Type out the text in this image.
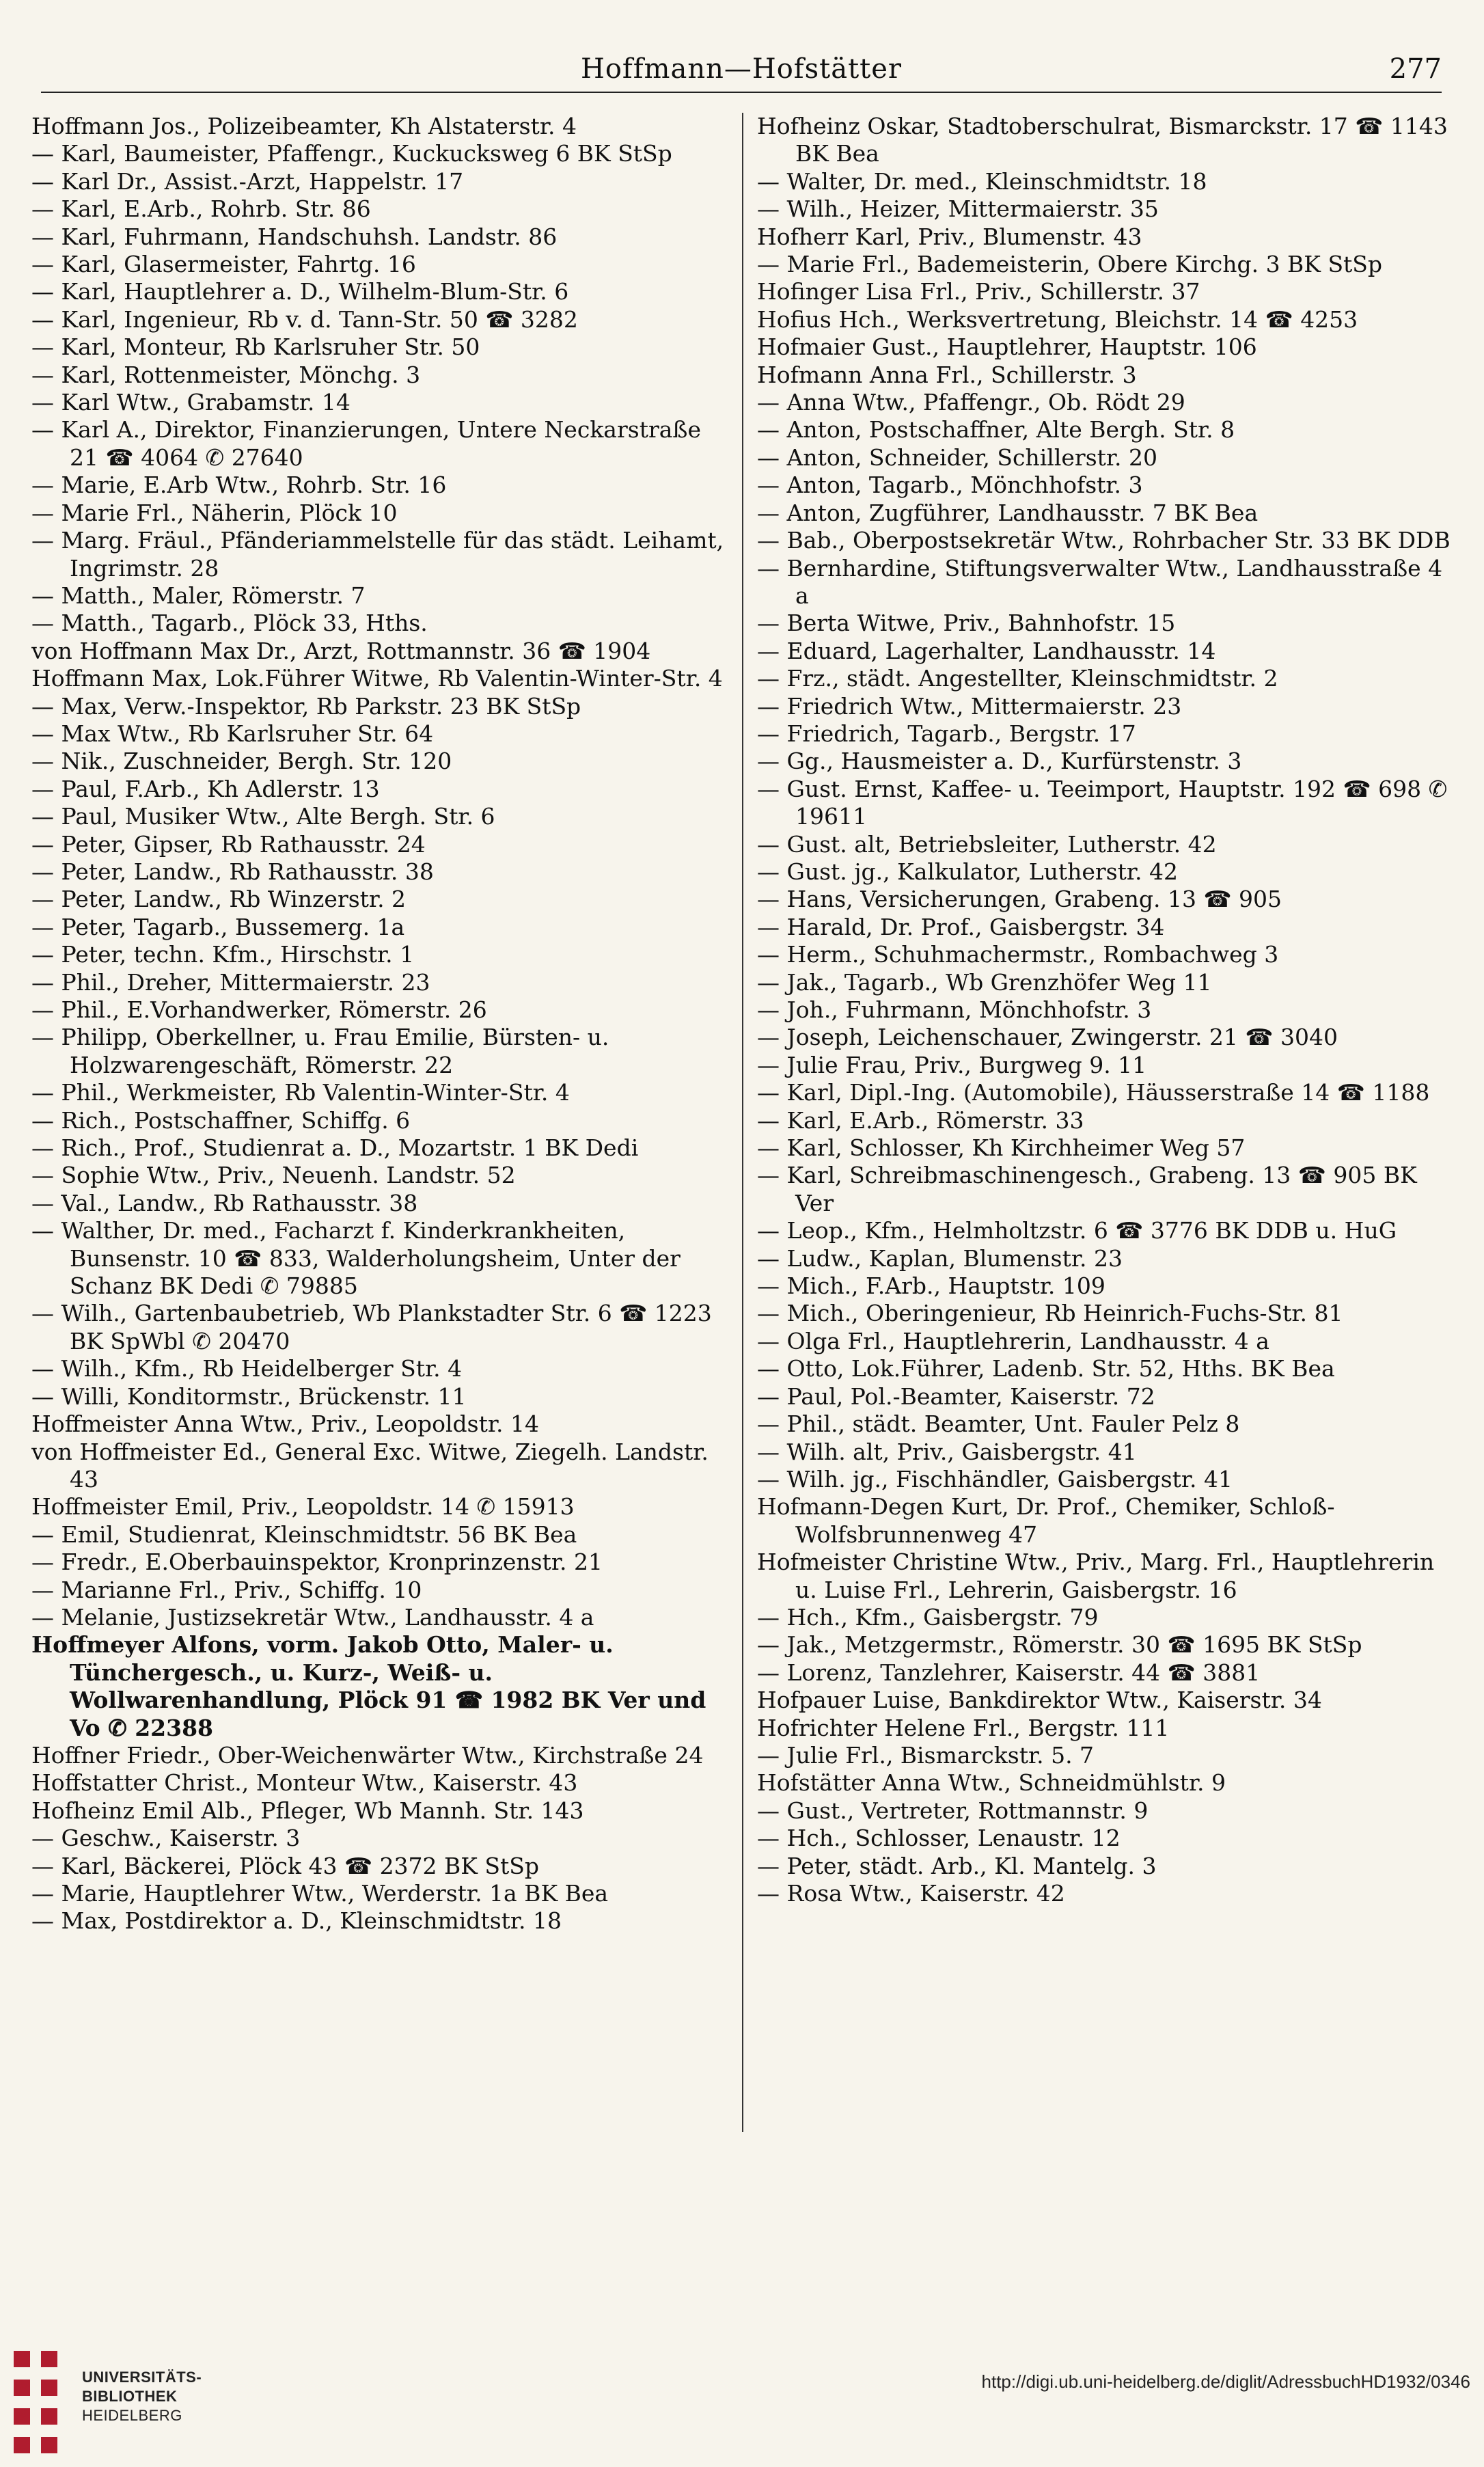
Hoffmann—Hofstätter	277
Hoffmann Jos., Polizeibeamter, Kh Alstaterstr. 4
— Karl, Baumeister, Pfaffengr., Kuckucksweg 6 BK StSp
— Karl Dr., Assist.-Arzt, Happelstr. 17
— Karl, E.Arb., Rohrb. Str. 86
— Karl, Fuhrmann, Handschuhsh. Landstr. 86
— Karl, Glasermeister, Fahrtg. 16
— Karl, Hauptlehrer a. D., Wilhelm-Blum-Str. 6
— Karl, Ingenieur, Rb v. d. Tann-Str. 50 ☎ 3282
— Karl, Monteur, Rb Karlsruher Str. 50
— Karl, Rottenmeister, Mönchg. 3
— Karl Wtw., Grabamstr. 14
— Karl A., Direktor, Finanzierungen, Untere Neckarstraße 21 ☎ 4064 ✆ 27640
— Marie, E.Arb Wtw., Rohrb. Str. 16
— Marie Frl., Näherin, Plöck 10
— Marg. Fräul., Pfänderiammelstelle für das städt. Leihamt, Ingrimstr. 28
— Matth., Maler, Römerstr. 7
— Matth., Tagarb., Plöck 33, Hths.
von Hoffmann Max Dr., Arzt, Rottmannstr. 36 ☎ 1904
Hoffmann Max, Lok.Führer Witwe, Rb Valentin-Winter-Str. 4
— Max, Verw.-Inspektor, Rb Parkstr. 23 BK StSp
— Max Wtw., Rb Karlsruher Str. 64
— Nik., Zuschneider, Bergh. Str. 120
— Paul, F.Arb., Kh Adlerstr. 13
— Paul, Musiker Wtw., Alte Bergh. Str. 6
— Peter, Gipser, Rb Rathausstr. 24
— Peter, Landw., Rb Rathausstr. 38
— Peter, Landw., Rb Winzerstr. 2
— Peter, Tagarb., Bussemerg. 1a
— Peter, techn. Kfm., Hirschstr. 1
— Phil., Dreher, Mittermaierstr. 23
— Phil., E.Vorhandwerker, Römerstr. 26
— Philipp, Oberkellner, u. Frau Emilie, Bürsten- u. Holzwarengeschäft, Römerstr. 22
— Phil., Werkmeister, Rb Valentin-Winter-Str. 4
— Rich., Postschaffner, Schiffg. 6
— Rich., Prof., Studienrat a. D., Mozartstr. 1 BK Dedi
— Sophie Wtw., Priv., Neuenh. Landstr. 52
— Val., Landw., Rb Rathausstr. 38
— Walther, Dr. med., Facharzt f. Kinderkrankheiten, Bunsenstr. 10 ☎ 833, Walderholungsheim, Unter der Schanz BK Dedi ✆ 79885
— Wilh., Gartenbaubetrieb, Wb Plankstadter Str. 6 ☎ 1223 BK SpWbl ✆ 20470
— Wilh., Kfm., Rb Heidelberger Str. 4
— Willi, Konditormstr., Brückenstr. 11
Hoffmeister Anna Wtw., Priv., Leopoldstr. 14
von Hoffmeister Ed., General Exc. Witwe, Ziegelh. Landstr. 43
Hoffmeister Emil, Priv., Leopoldstr. 14 ✆ 15913
— Emil, Studienrat, Kleinschmidtstr. 56 BK Bea
— Fredr., E.Oberbauinspektor, Kronprinzenstr. 21
— Marianne Frl., Priv., Schiffg. 10
— Melanie, Justizsekretär Wtw., Landhausstr. 4 a
Hoffmeyer Alfons, vorm. Jakob Otto, Maler- u. Tünchergesch., u. Kurz-, Weiß- u. Wollwarenhandlung, Plöck 91 ☎ 1982 BK Ver und Vo ✆ 22388
Hoffner Friedr., Ober-Weichenwärter Wtw., Kirchstraße 24
Hoffstatter Christ., Monteur Wtw., Kaiserstr. 43
Hofheinz Emil Alb., Pfleger, Wb Mannh. Str. 143
— Geschw., Kaiserstr. 3
— Karl, Bäckerei, Plöck 43 ☎ 2372 BK StSp
— Marie, Hauptlehrer Wtw., Werderstr. 1a BK Bea
— Max, Postdirektor a. D., Kleinschmidtstr. 18
Hofheinz Oskar, Stadtoberschulrat, Bismarckstr. 17 ☎ 1143 BK Bea
— Walter, Dr. med., Kleinschmidtstr. 18
— Wilh., Heizer, Mittermaierstr. 35
Hofherr Karl, Priv., Blumenstr. 43
— Marie Frl., Bademeisterin, Obere Kirchg. 3 BK StSp
Hofinger Lisa Frl., Priv., Schillerstr. 37
Hofius Hch., Werksvertretung, Bleichstr. 14 ☎ 4253
Hofmaier Gust., Hauptlehrer, Hauptstr. 106
Hofmann Anna Frl., Schillerstr. 3
— Anna Wtw., Pfaffengr., Ob. Rödt 29
— Anton, Postschaffner, Alte Bergh. Str. 8
— Anton, Schneider, Schillerstr. 20
— Anton, Tagarb., Mönchhofstr. 3
— Anton, Zugführer, Landhausstr. 7 BK Bea
— Bab., Oberpostsekretär Wtw., Rohrbacher Str. 33 BK DDB
— Bernhardine, Stiftungsverwalter Wtw., Landhausstraße 4 a
— Berta Witwe, Priv., Bahnhofstr. 15
— Eduard, Lagerhalter, Landhausstr. 14
— Frz., städt. Angestellter, Kleinschmidtstr. 2
— Friedrich Wtw., Mittermaierstr. 23
— Friedrich, Tagarb., Bergstr. 17
— Gg., Hausmeister a. D., Kurfürstenstr. 3
— Gust. Ernst, Kaffee- u. Teeimport, Hauptstr. 192 ☎ 698 ✆ 19611
— Gust. alt, Betriebsleiter, Lutherstr. 42
— Gust. jg., Kalkulator, Lutherstr. 42
— Hans, Versicherungen, Grabeng. 13 ☎ 905
— Harald, Dr. Prof., Gaisbergstr. 34
— Herm., Schuhmachermstr., Rombachweg 3
— Jak., Tagarb., Wb Grenzhöfer Weg 11
— Joh., Fuhrmann, Mönchhofstr. 3
— Joseph, Leichenschauer, Zwingerstr. 21 ☎ 3040
— Julie Frau, Priv., Burgweg 9. 11
— Karl, Dipl.-Ing. (Automobile), Häusserstraße 14 ☎ 1188
— Karl, E.Arb., Römerstr. 33
— Karl, Schlosser, Kh Kirchheimer Weg 57
— Karl, Schreibmaschinengesch., Grabeng. 13 ☎ 905 BK Ver
— Leop., Kfm., Helmholtzstr. 6 ☎ 3776 BK DDB u. HuG
— Ludw., Kaplan, Blumenstr. 23
— Mich., F.Arb., Hauptstr. 109
— Mich., Oberingenieur, Rb Heinrich-Fuchs-Str. 81
— Olga Frl., Hauptlehrerin, Landhausstr. 4 a
— Otto, Lok.Führer, Ladenb. Str. 52, Hths. BK Bea
— Paul, Pol.-Beamter, Kaiserstr. 72
— Phil., städt. Beamter, Unt. Fauler Pelz 8
— Wilh. alt, Priv., Gaisbergstr. 41
— Wilh. jg., Fischhändler, Gaisbergstr. 41
Hofmann-Degen Kurt, Dr. Prof., Chemiker, Schloß-Wolfsbrunnenweg 47
Hofmeister Christine Wtw., Priv., Marg. Frl., Hauptlehrerin u. Luise Frl., Lehrerin, Gaisbergstr. 16
— Hch., Kfm., Gaisbergstr. 79
— Jak., Metzgermstr., Römerstr. 30 ☎ 1695 BK StSp
— Lorenz, Tanzlehrer, Kaiserstr. 44 ☎ 3881
Hofpauer Luise, Bankdirektor Wtw., Kaiserstr. 34
Hofrichter Helene Frl., Bergstr. 111
— Julie Frl., Bismarckstr. 5. 7
Hofstätter Anna Wtw., Schneidmühlstr. 9
— Gust., Vertreter, Rottmannstr. 9
— Hch., Schlosser, Lenaustr. 12
— Peter, städt. Arb., Kl. Mantelg. 3
— Rosa Wtw., Kaiserstr. 42
UNIVERSITÄTS-
BIBLIOTHEK
HEIDELBERG
http://digi.ub.uni-heidelberg.de/diglit/AdressbuchHD1932/0346
